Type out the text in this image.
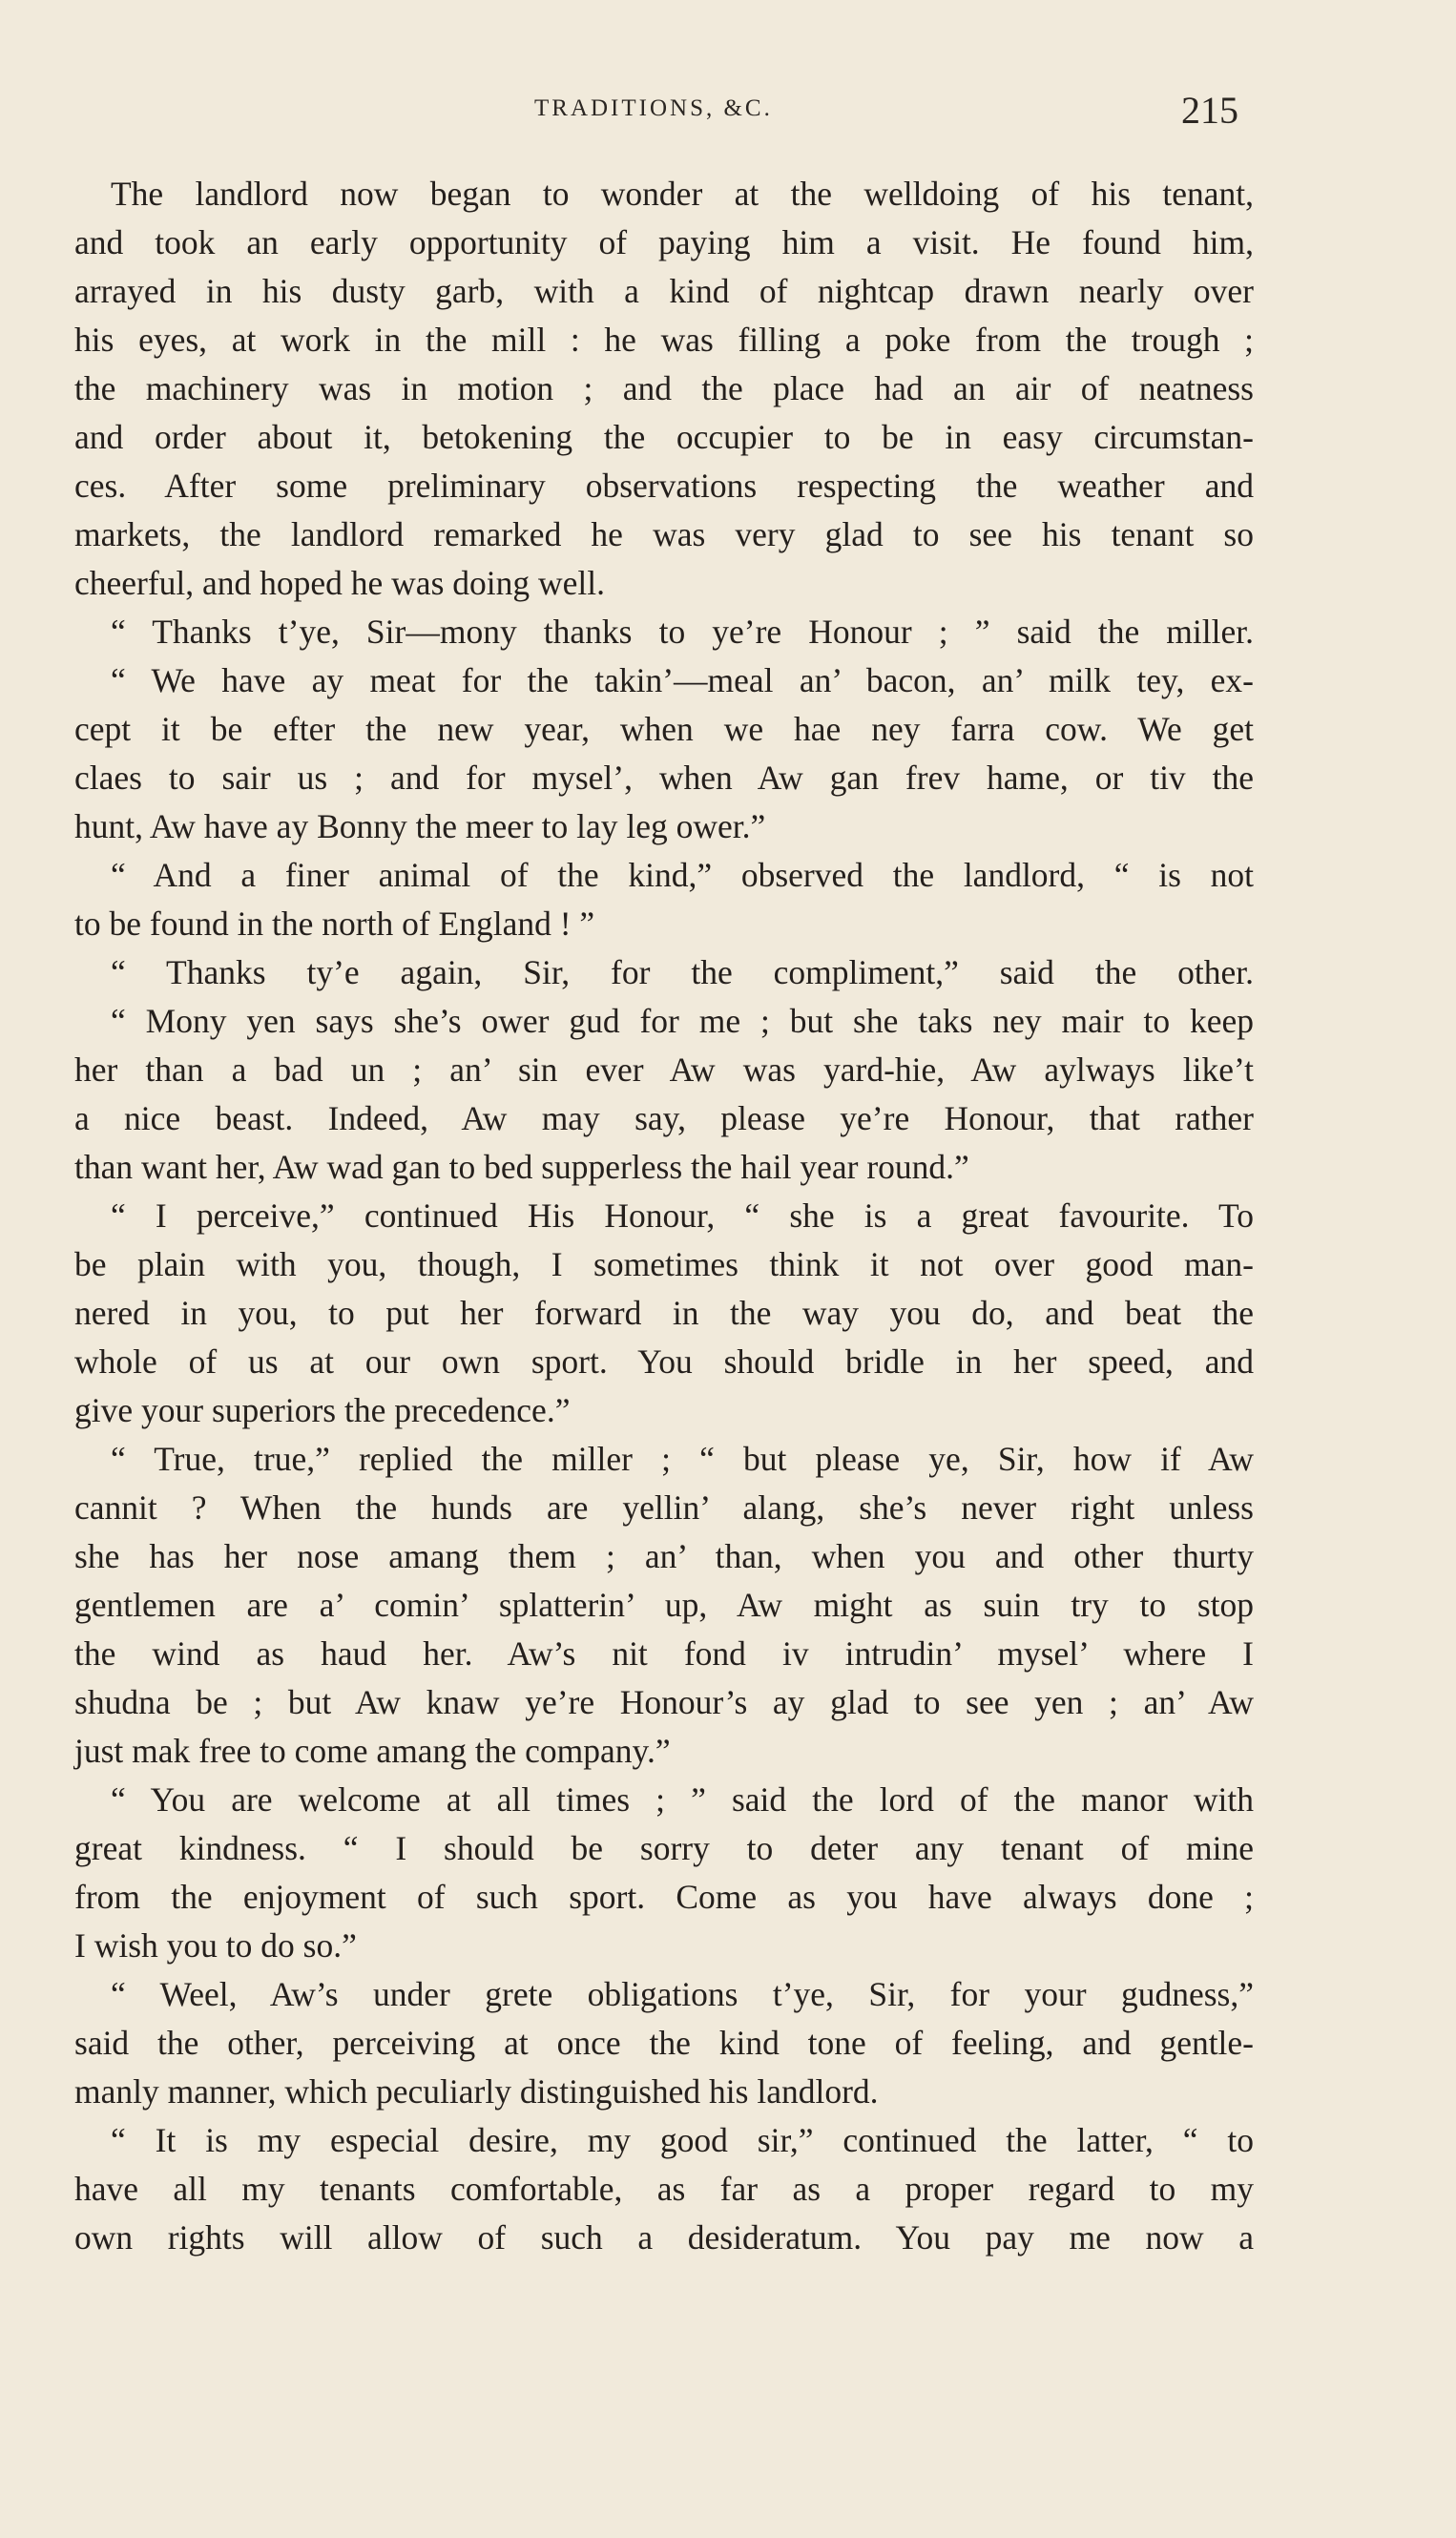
TRADITIONS, &C.	215
The landlord now began to wonder at the welldoing of his tenant,
and took an early opportunity of paying him a visit. He found him,
arrayed in his dusty garb, with a kind of nightcap drawn nearly over
his eyes, at work in the mill : he was filling a poke from the trough ;
the machinery was in motion ; and the place had an air of neatness
and order about it, betokening the occupier to be in easy circumstan-
ces. After some preliminary observations respecting the weather and
markets, the landlord remarked he was very glad to see his tenant so
cheerful, and hoped he was doing well.
“ Thanks t’ye, Sir—mony thanks to ye’re Honour ; ” said the miller.
“ We have ay meat for the takin’—meal an’ bacon, an’ milk tey, ex-
cept it be efter the new year, when we hae ney farra cow. We get
claes to sair us ; and for mysel’, when Aw gan frev hame, or tiv the
hunt, Aw have ay Bonny the meer to lay leg ower.”
“ And a finer animal of the kind,” observed the landlord, “ is not
to be found in the north of England ! ”
“ Thanks ty’e again, Sir, for the compliment,” said the other.
“ Mony yen says she’s ower gud for me ; but she taks ney mair to keep
her than a bad un ; an’ sin ever Aw was yard-hie, Aw aylways like’t
a nice beast. Indeed, Aw may say, please ye’re Honour, that rather
than want her, Aw wad gan to bed supperless the hail year round.”
“ I perceive,” continued His Honour, “ she is a great favourite. To
be plain with you, though, I sometimes think it not over good man-
nered in you, to put her forward in the way you do, and beat the
whole of us at our own sport. You should bridle in her speed, and
give your superiors the precedence.”
“ True, true,” replied the miller ; “ but please ye, Sir, how if Aw
cannit ? When the hunds are yellin’ alang, she’s never right unless
she has her nose amang them ; an’ than, when you and other thurty
gentlemen are a’ comin’ splatterin’ up, Aw might as suin try to stop
the wind as haud her. Aw’s nit fond iv intrudin’ mysel’ where I
shudna be ; but Aw knaw ye’re Honour’s ay glad to see yen ; an’ Aw
just mak free to come amang the company.”
“ You are welcome at all times ; ” said the lord of the manor with
great kindness. “ I should be sorry to deter any tenant of mine
from the enjoyment of such sport. Come as you have always done ;
I wish you to do so.”
“ Weel, Aw’s under grete obligations t’ye, Sir, for your gudness,”
said the other, perceiving at once the kind tone of feeling, and gentle-
manly manner, which peculiarly distinguished his landlord.
“ It is my especial desire, my good sir,” continued the latter, “ to
have all my tenants comfortable, as far as a proper regard to my
own rights will allow of such a desideratum. You pay me now a
